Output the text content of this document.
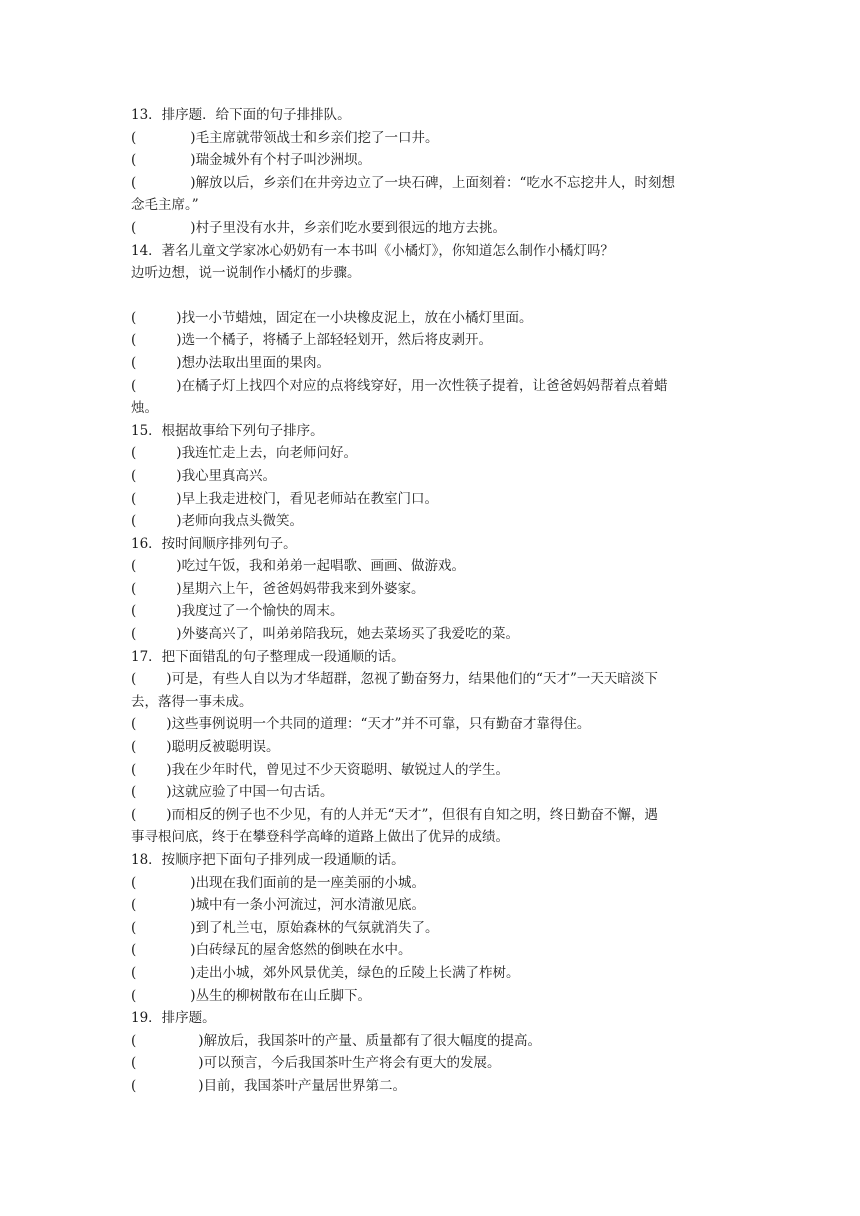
13．排序题．给下面的句子排排队。
(	)毛主席就带领战士和乡亲们挖了一口井。
(	)瑞金城外有个村子叫沙洲坝。
(	)解放以后，乡亲们在井旁边立了一块石碑，上面刻着：“吃水不忘挖井人，时刻想
念毛主席。”
(	)村子里没有水井，乡亲们吃水要到很远的地方去挑。
14．著名儿童文学家冰心奶奶有一本书叫《小橘灯》，你知道怎么制作小橘灯吗？
边听边想，说一说制作小橘灯的步骤。
(	)找一小节蜡烛，固定在一小块橡皮泥上，放在小橘灯里面。
(	)选一个橘子，将橘子上部轻轻划开，然后将皮剥开。
(	)想办法取出里面的果肉。
(	)在橘子灯上找四个对应的点将线穿好，用一次性筷子提着，让爸爸妈妈帮着点着蜡
烛。
15．根据故事给下列句子排序。
(	)我连忙走上去，向老师问好。
(	)我心里真高兴。
(	)早上我走进校门，看见老师站在教室门口。
(	)老师向我点头微笑。
16．按时间顺序排列句子。
(	)吃过午饭，我和弟弟一起唱歌、画画、做游戏。
(	)星期六上午，爸爸妈妈带我来到外婆家。
(	)我度过了一个愉快的周末。
(	)外婆高兴了，叫弟弟陪我玩，她去菜场买了我爱吃的菜。
17．把下面错乱的句子整理成一段通顺的话。
( )可是，有些人自以为才华超群，忽视了勤奋努力，结果他们的“天才”一天天暗淡下
去，落得一事未成。
( )这些事例说明一个共同的道理：“天才”并不可靠，只有勤奋才靠得住。
( )聪明反被聪明误。
( )我在少年时代，曾见过不少天资聪明、敏锐过人的学生。
( )这就应验了中国一句古话。
( )而相反的例子也不少见，有的人并无“天才”，但很有自知之明，终日勤奋不懈，遇
事寻根问底，终于在攀登科学高峰的道路上做出了优异的成绩。
18．按顺序把下面句子排列成一段通顺的话。
(	)出现在我们面前的是一座美丽的小城。
(	)城中有一条小河流过，河水清澈见底。
(	)到了札兰屯，原始森林的气氛就消失了。
(	)白砖绿瓦的屋舍悠然的倒映在水中。
(	)走出小城，郊外风景优美，绿色的丘陵上长满了柞树。
(	)丛生的柳树散布在山丘脚下。
19．排序题。
(	)解放后，我国茶叶的产量、质量都有了很大幅度的提高。
(	)可以预言，今后我国茶叶生产将会有更大的发展。
(	)目前，我国茶叶产量居世界第二。
